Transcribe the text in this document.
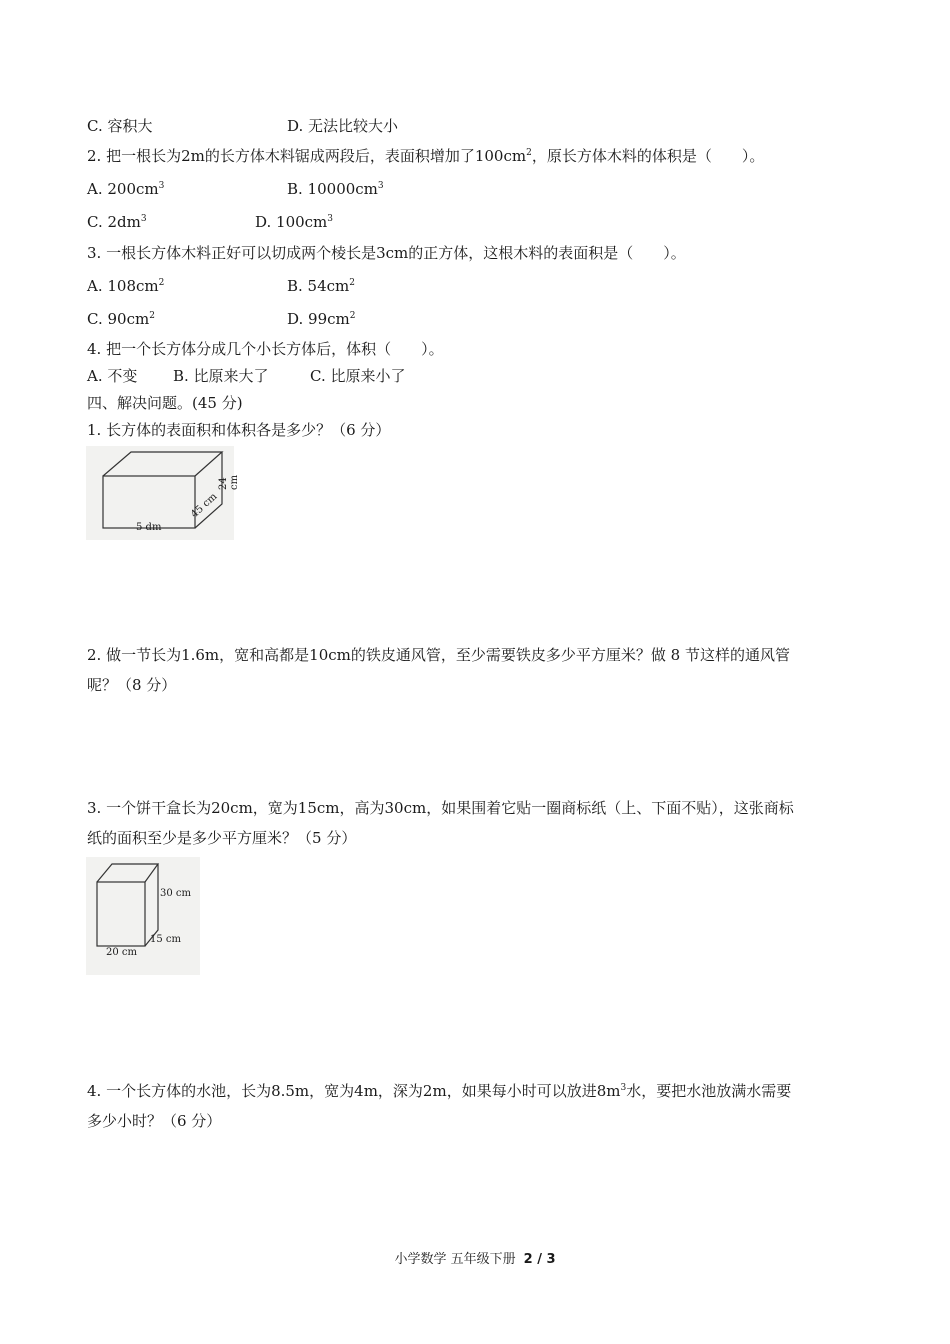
C. 容积大	D. 无法比较大小
2. 把一根长为2m的长方体木料锯成两段后，表面积增加了$100cm^2$，原长方体木料的体积是（　　）。
A. $200cm^3$	B. $10000cm^3$
C. $2dm^3$	D. $100cm^3$
3. 一根长方体木料正好可以切成两个棱长是3cm的正方体，这根木料的表面积是（　　）。
A. $108cm^2$	B. $54cm^2$
C. $90cm^2$	D. $99cm^2$
4. 把一个长方体分成几个小长方体后，体积（　　）。
A. 不变 B. 比原来大了	C. 比原来小了
四、解决问题。(45 分)
1. 长方体的表面积和体积各是多少？（6 分）
5 dm
45 cm
24 cm
2. 做一节长为1.6m，宽和高都是10cm的铁皮通风管，至少需要铁皮多少平方厘米？做 8 节这样的通风管
呢？（8 分）
3. 一个饼干盒长为20cm，宽为15cm，高为30cm，如果围着它贴一圈商标纸（上、下面不贴），这张商标
纸的面积至少是多少平方厘米？（5 分）
30 cm
15 cm
20 cm
4. 一个长方体的水池，长为8.5m，宽为4m，深为2m，如果每小时可以放进$8m^3$水，要把水池放满水需要
多少小时？（6 分）
小学数学 五年级下册 2 / 3
